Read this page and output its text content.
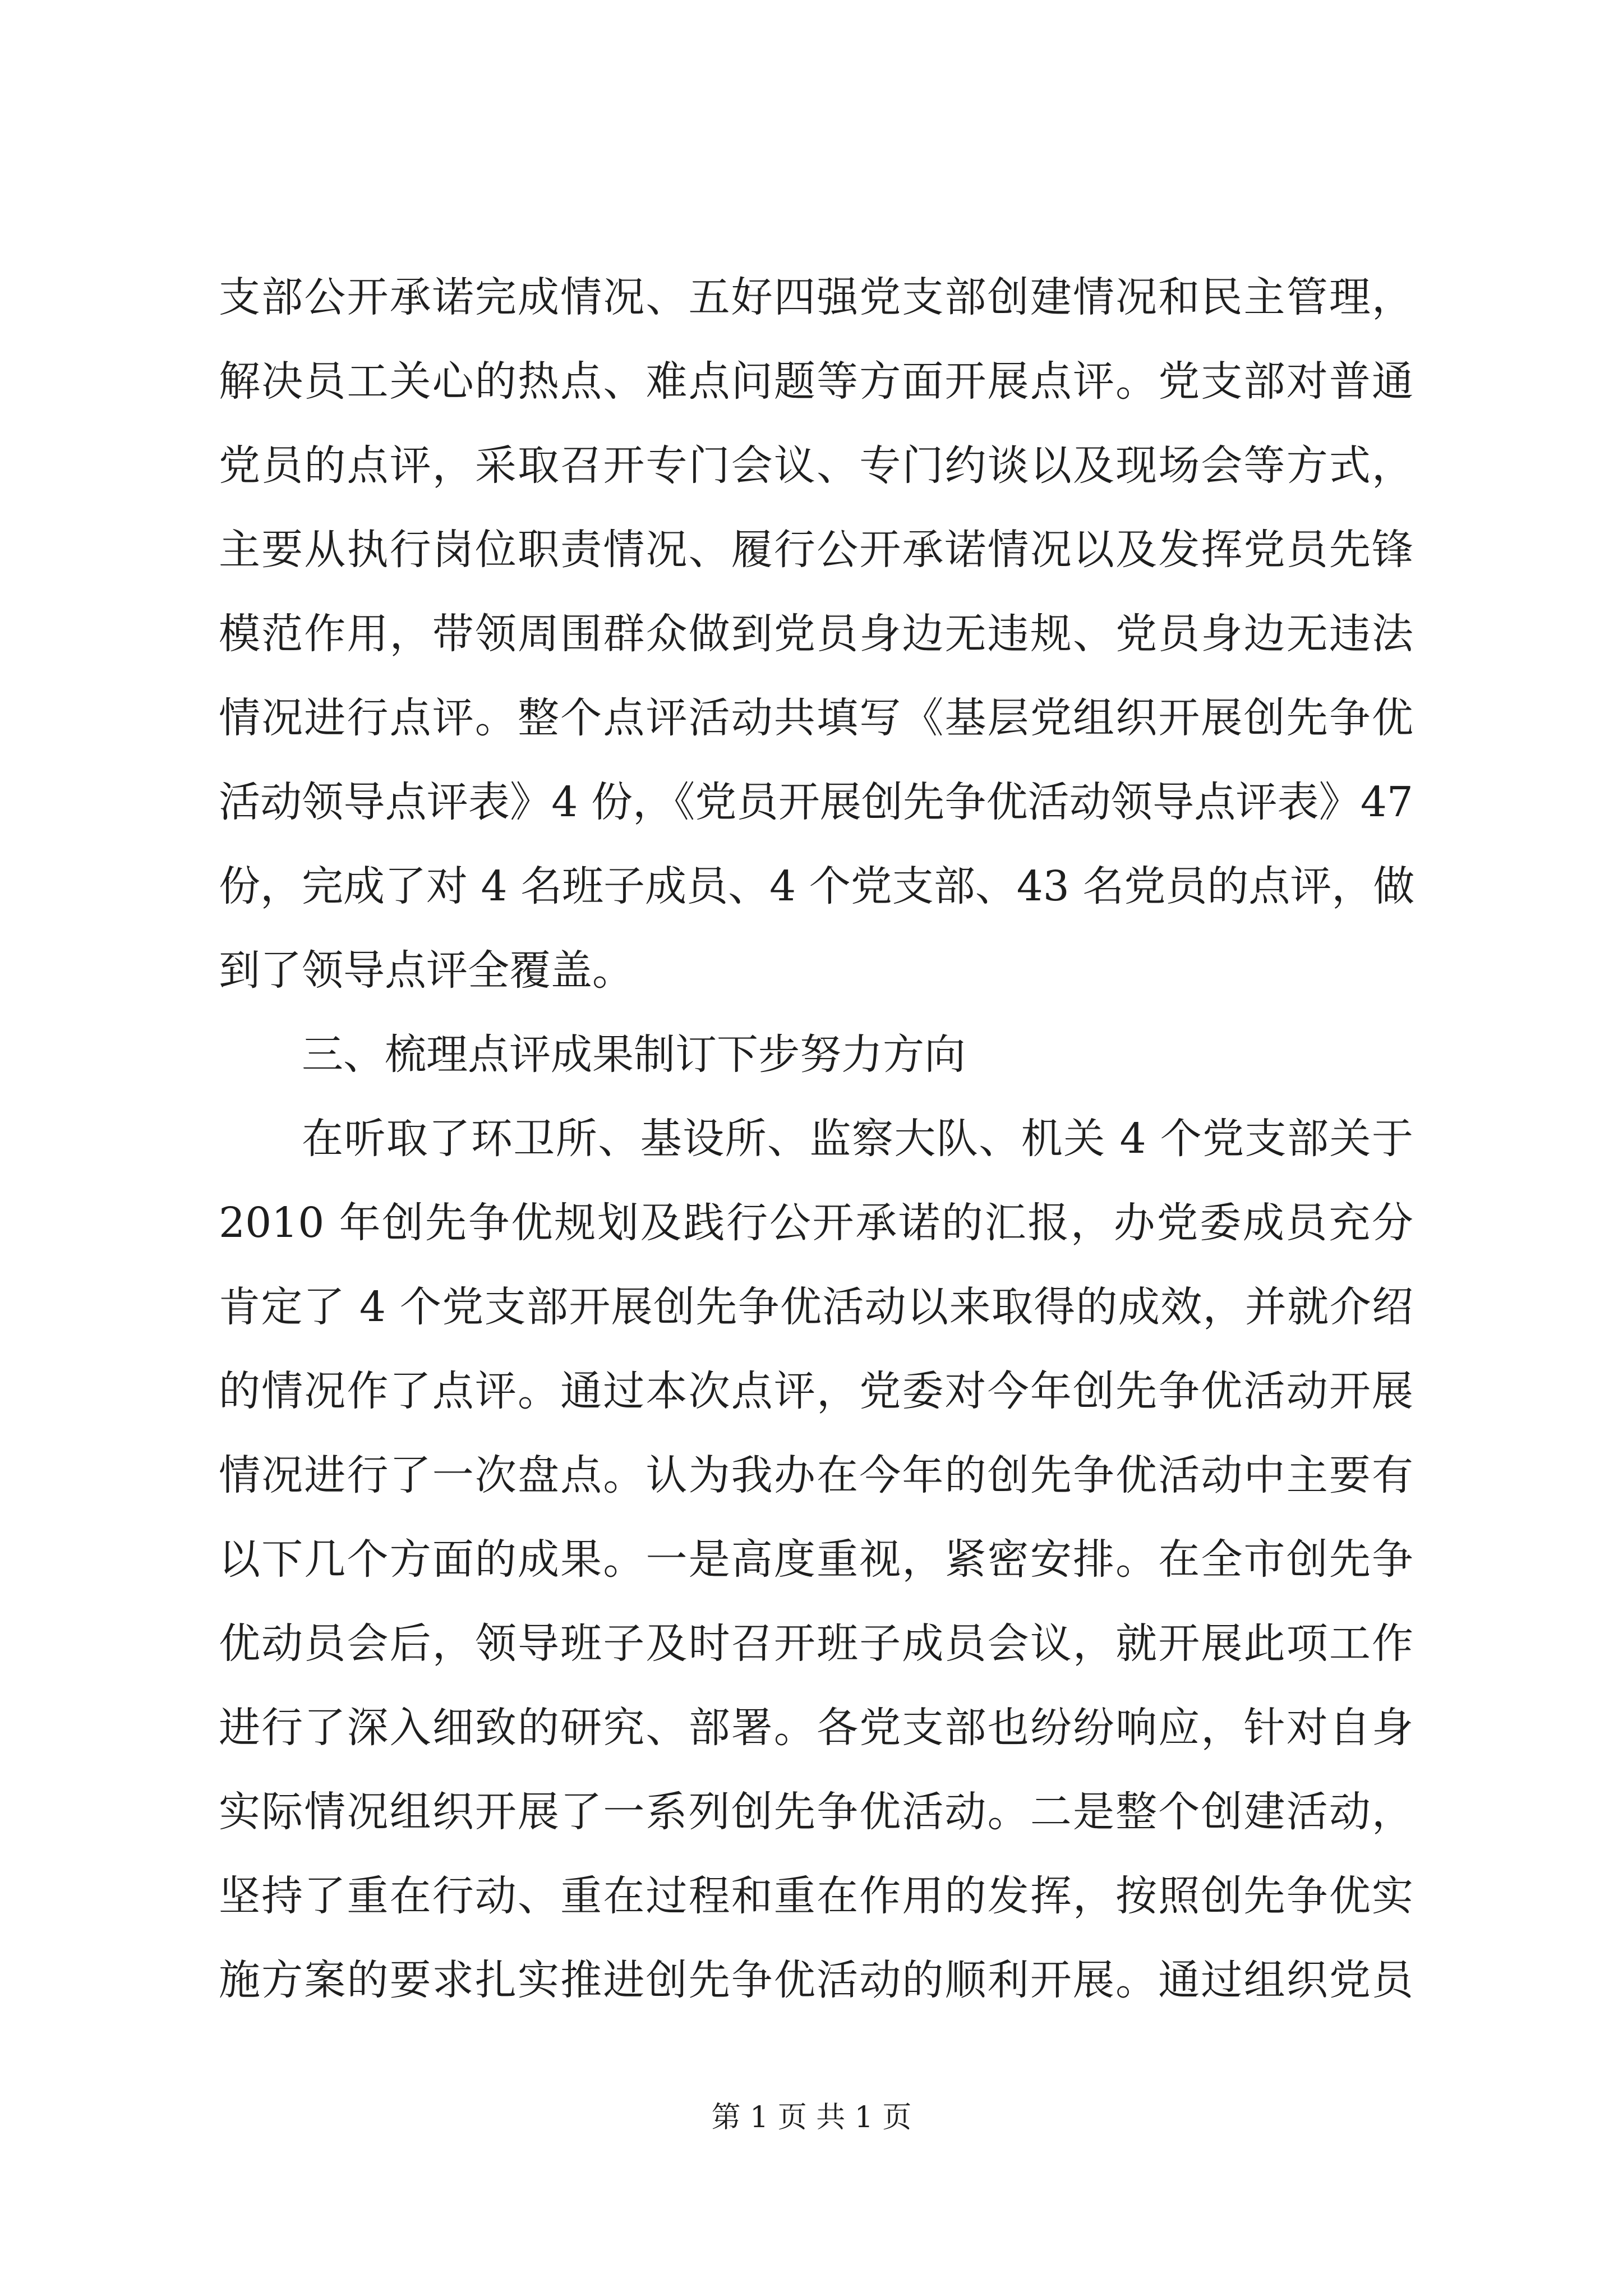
支部公开承诺完成情况、五好四强党支部创建情况和民主管理，
解决员工关心的热点、难点问题等方面开展点评。党支部对普通
党员的点评，采取召开专门会议、专门约谈以及现场会等方式，
主要从执行岗位职责情况、履行公开承诺情况以及发挥党员先锋
模范作用，带领周围群众做到党员身边无违规、党员身边无违法
情况进行点评。整个点评活动共填写《基层党组织开展创先争优
活动领导点评表》4 份，《党员开展创先争优活动领导点评表》47
份，完成了对 4 名班子成员、4 个党支部、43 名党员的点评，做
到了领导点评全覆盖。
三、梳理点评成果制订下步努力方向
在听取了环卫所、基设所、监察大队、机关 4 个党支部关于
2010 年创先争优规划及践行公开承诺的汇报，办党委成员充分
肯定了 4 个党支部开展创先争优活动以来取得的成效，并就介绍
的情况作了点评。通过本次点评，党委对今年创先争优活动开展
情况进行了一次盘点。认为我办在今年的创先争优活动中主要有
以下几个方面的成果。一是高度重视，紧密安排。在全市创先争
优动员会后，领导班子及时召开班子成员会议，就开展此项工作
进行了深入细致的研究、部署。各党支部也纷纷响应，针对自身
实际情况组织开展了一系列创先争优活动。二是整个创建活动，
坚持了重在行动、重在过程和重在作用的发挥，按照创先争优实
施方案的要求扎实推进创先争优活动的顺利开展。通过组织党员
第 1 页 共 1 页
